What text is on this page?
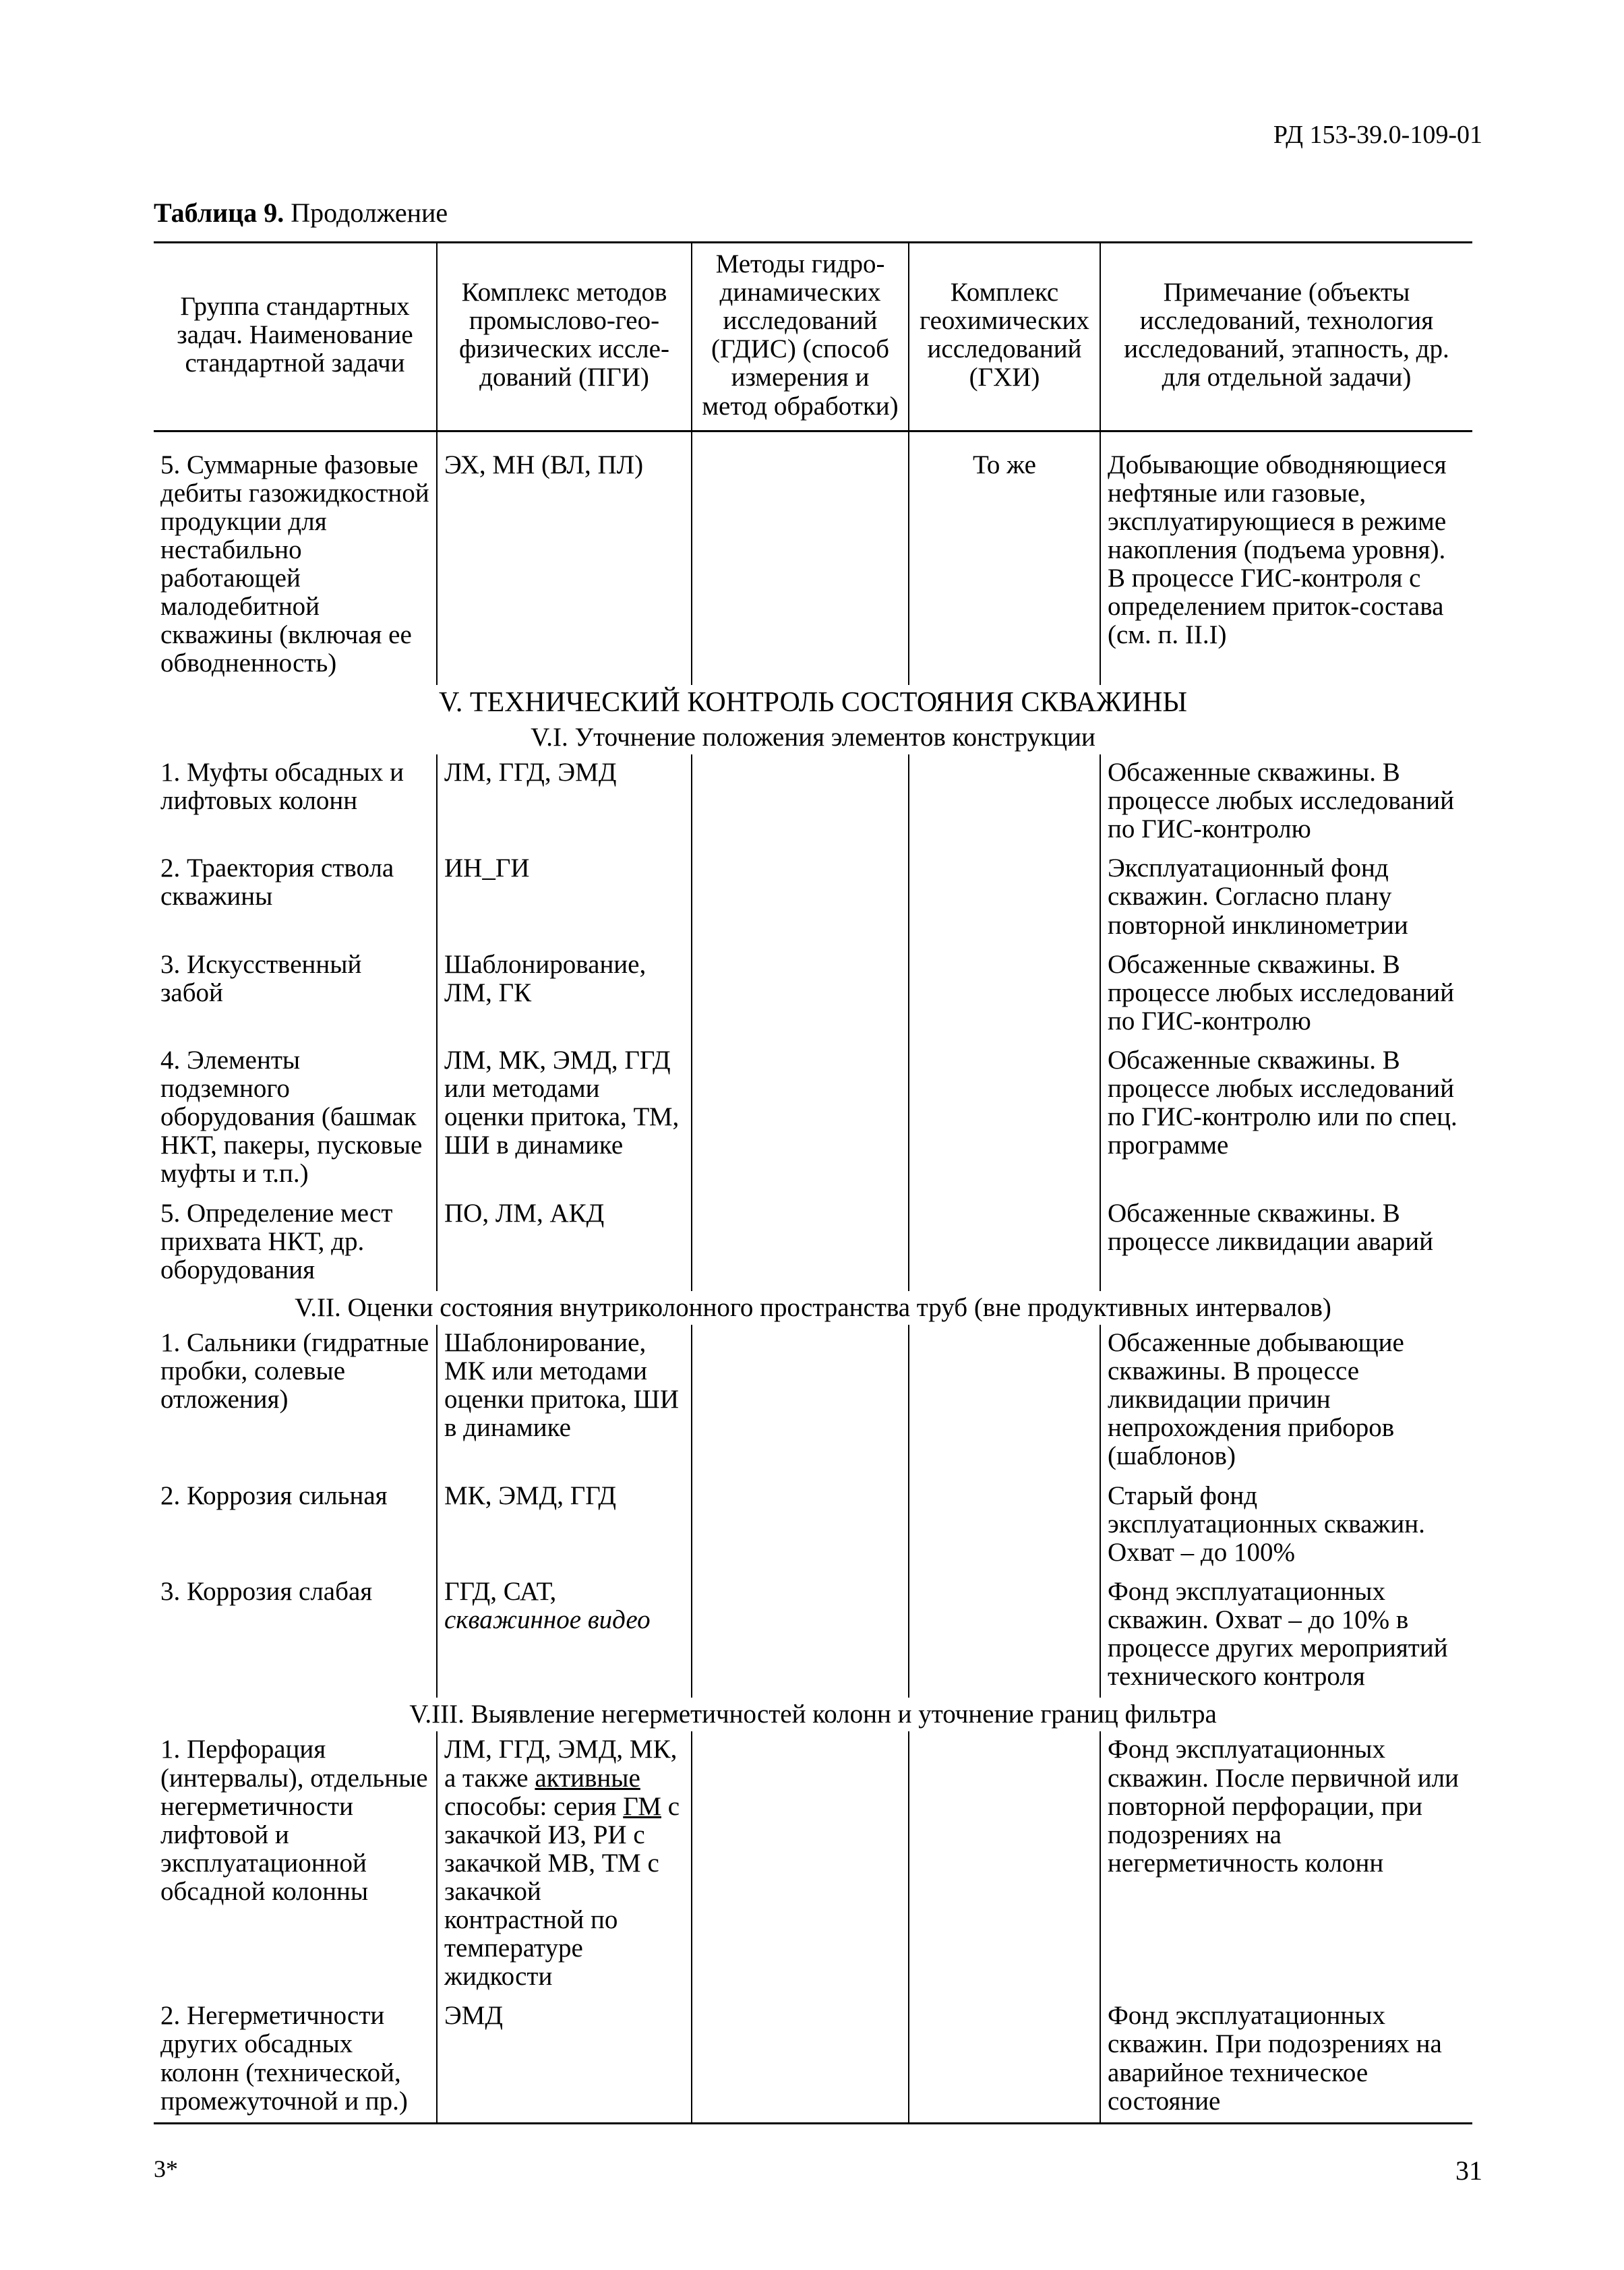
РД 153-39.0-109-01
Таблица 9. Продолжение
Группа стандартных задач. Наименование стандартной задачи	Комплекс методов промыслово-гео-физических иссле-дований (ПГИ)	Методы гидро-динамических исследований (ГДИС) (способ измерения и метод обработки)	Комплекс геохимических исследований (ГХИ)	Примечание (объекты исследований, технология исследований, этапность, др. для отдельной задачи)
5. Суммарные фазовые дебиты газожидкостной продукции для нестабильно работающей малодебитной скважины (включая ее обводненность)	ЭХ, МН (ВЛ, ПЛ)		То же	Добывающие обводняющиеся нефтяные или газовые, эксплуатирующиеся в режиме накопления (подъема уровня). В процессе ГИС-контроля с определением приток-состава (см. п. II.I)
V. ТЕХНИЧЕСКИЙ КОНТРОЛЬ СОСТОЯНИЯ СКВАЖИНЫ				
V.I. Уточнение положения элементов конструкции				
1. Муфты обсадных и лифтовых колонн	ЛМ, ГГД, ЭМД			Обсаженные скважины. В процессе любых исследований по ГИС-контролю
2. Траектория ствола скважины	ИН_ГИ			Эксплуатационный фонд скважин. Согласно плану повторной инклинометрии
3. Искусственный забой	Шаблонирование, ЛМ, ГК			Обсаженные скважины. В процессе любых исследований по ГИС-контролю
4. Элементы подземного оборудования (башмак НКТ, пакеры, пусковые муфты и т.п.)	ЛМ, МК, ЭМД, ГГД или методами оценки притока, ТМ, ШИ в динамике			Обсаженные скважины. В процессе любых исследований по ГИС-контролю или по спец. программе
5. Определение мест прихвата НКТ, др. оборудования	ПО, ЛМ, АКД			Обсаженные скважины. В процессе ликвидации аварий
V.II. Оценки состояния внутриколонного пространства труб (вне продуктивных интервалов)				
1. Сальники (гидратные пробки, солевые отложения)	Шаблонирование, МК или методами оценки притока, ШИ в динамике			Обсаженные добывающие скважины. В процессе ликвидации причин непрохождения приборов (шаблонов)
2. Коррозия сильная	МК, ЭМД, ГГД			Старый фонд эксплуатационных скважин. Охват – до 100%
3. Коррозия слабая	ГГД, САТ, скважинное видео			Фонд эксплуатационных скважин. Охват – до 10% в процессе других мероприятий технического контроля
V.III. Выявление негерметичностей колонн и уточнение границ фильтра				
1. Перфорация (интервалы), отдельные негерметичности лифтовой и эксплуатационной обсадной колонны	ЛМ, ГГД, ЭМД, МК, а также активные способы: серия ГМ с закачкой ИЗ, РИ с закачкой МВ, ТМ с закачкой контрастной по температуре жидкости			Фонд эксплуатационных скважин. После первичной или повторной перфорации, при подозрениях на негерметичность колонн
2. Негерметичности других обсадных колонн (технической, промежуточной и пр.)	ЭМД			Фонд эксплуатационных скважин. При подозрениях на аварийное техническое состояние
3*	31
